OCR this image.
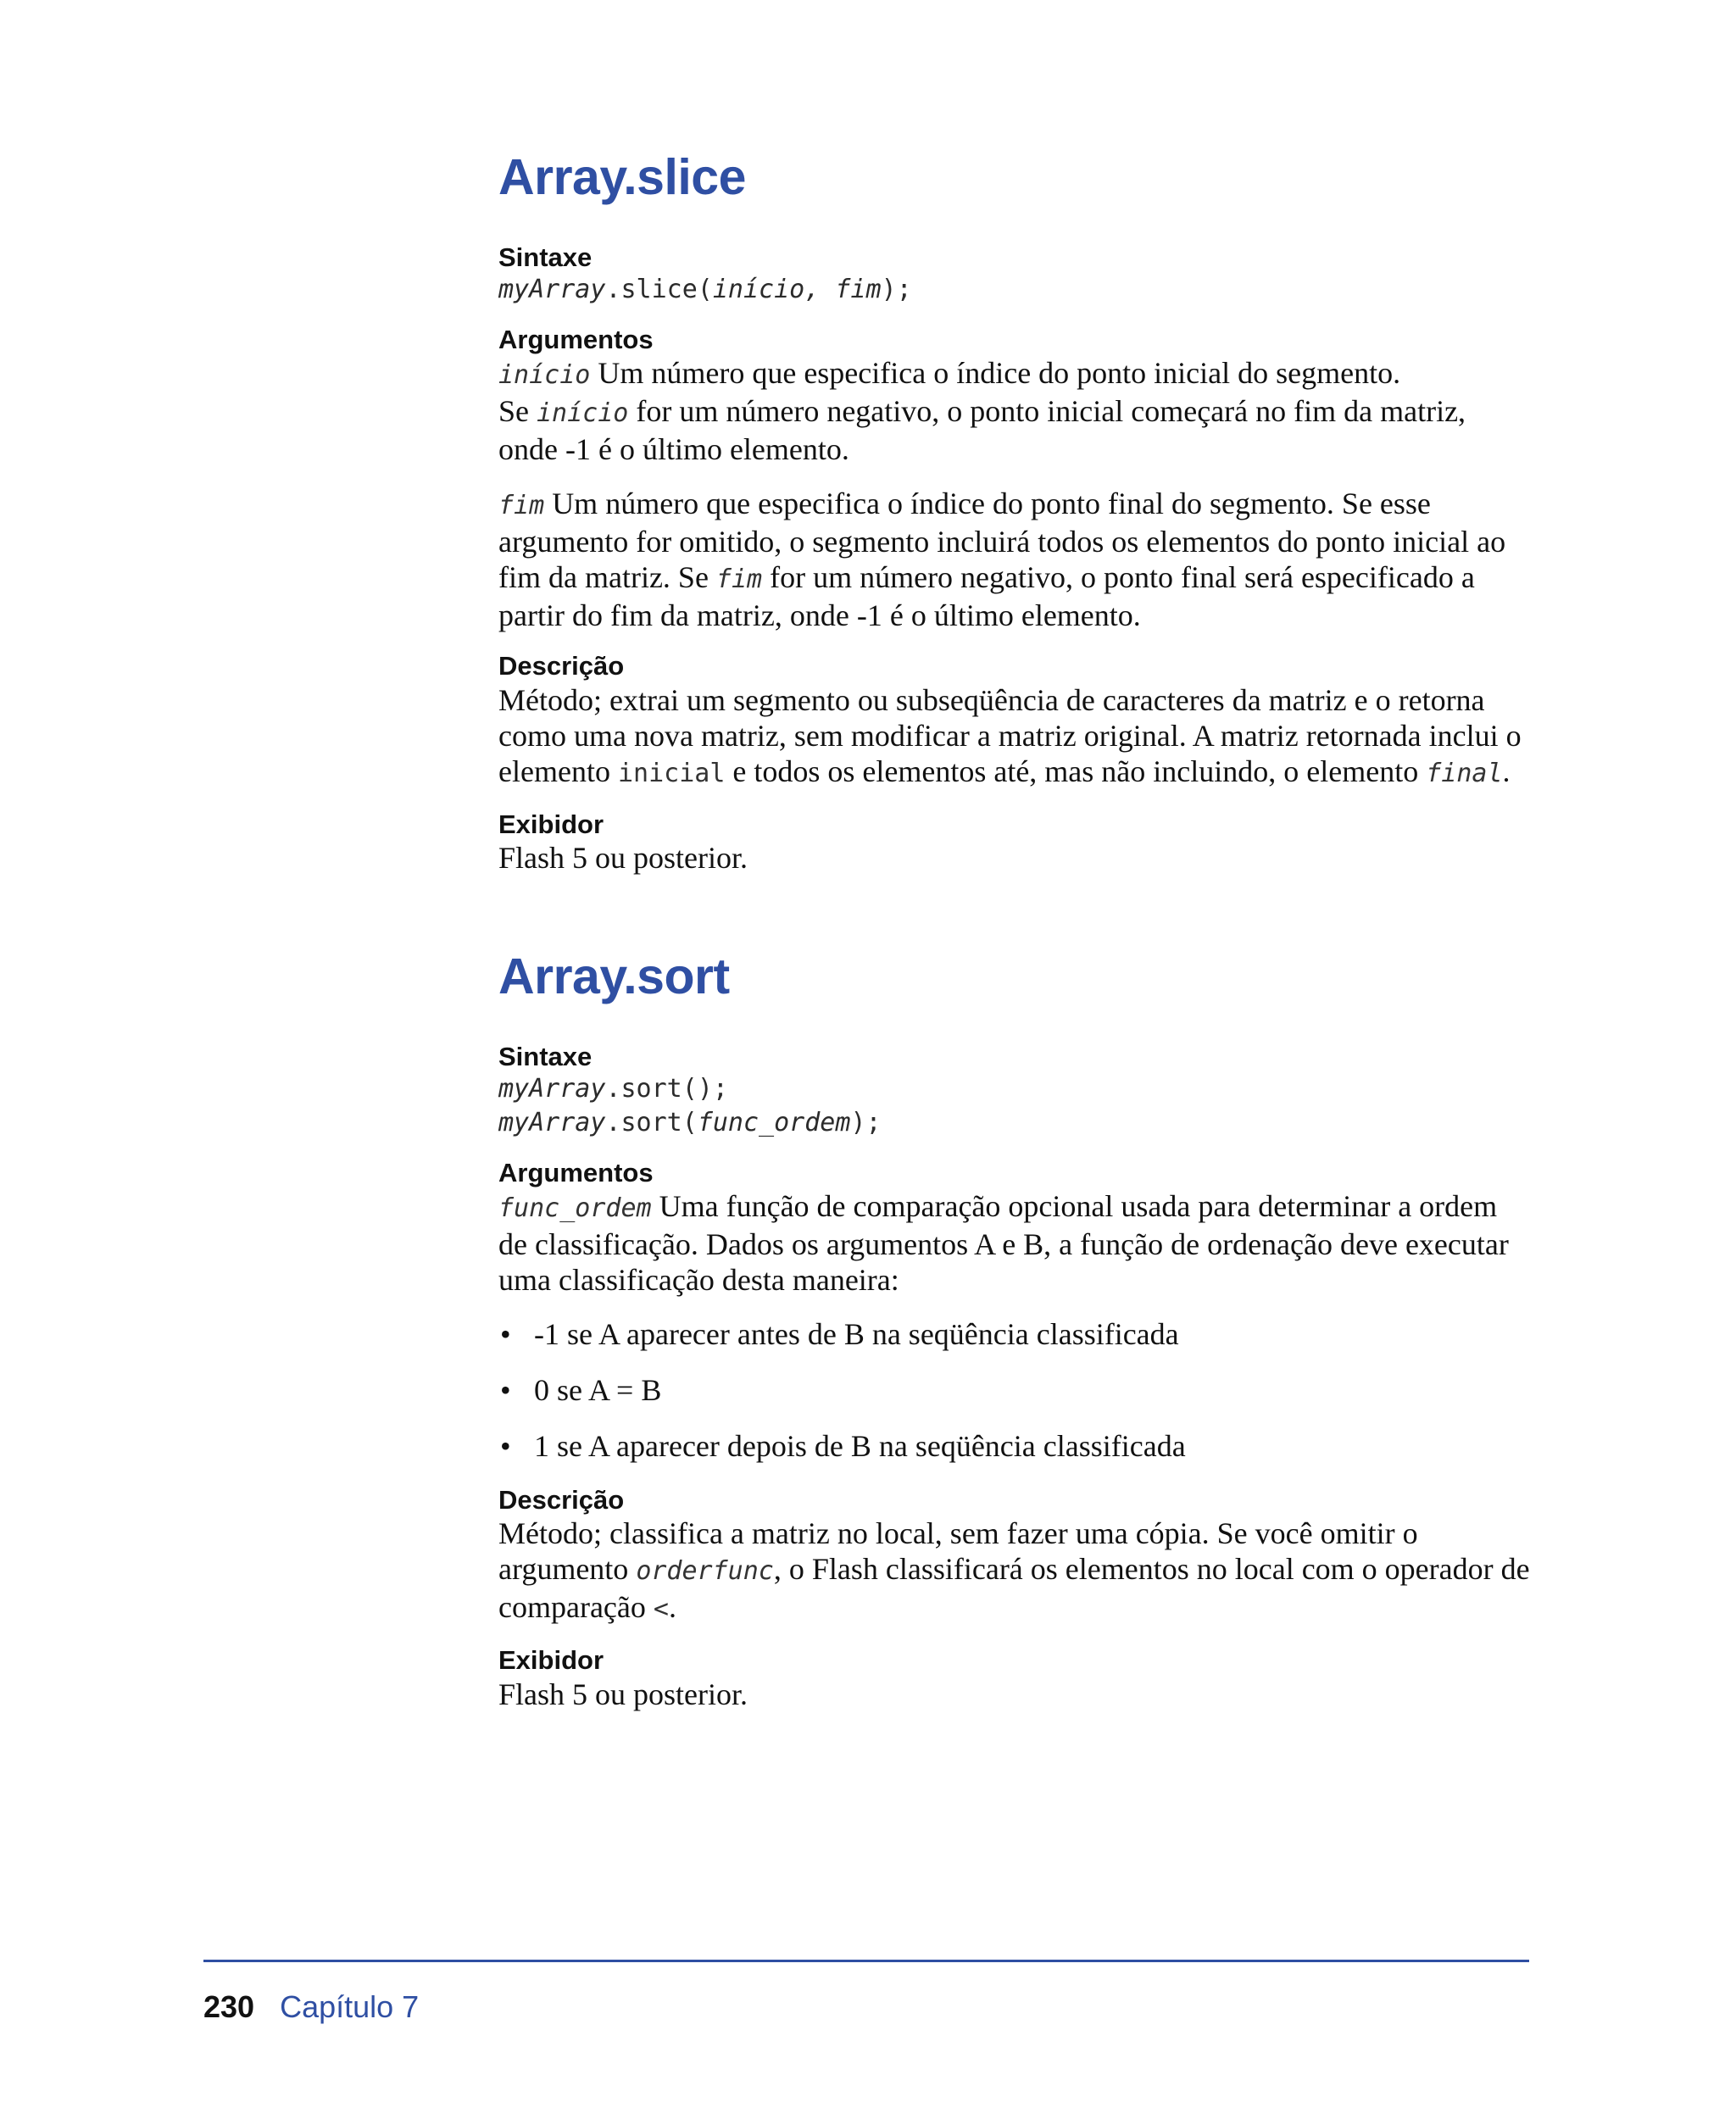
Array.slice

Sintaxe

myArray.slice(início, fim);

Argumentos

início Um número que especifica o índice do ponto inicial do segmento.
Se início for um número negativo, o ponto inicial começará no fim da matriz, onde -1 é o último elemento.

fim Um número que especifica o índice do ponto final do segmento. Se esse argumento for omitido, o segmento incluirá todos os elementos do ponto inicial ao fim da matriz. Se fim for um número negativo, o ponto final será especificado a partir do fim da matriz, onde -1 é o último elemento.

Descrição

Método; extrai um segmento ou subseqüência de caracteres da matriz e o retorna como uma nova matriz, sem modificar a matriz original. A matriz retornada inclui o elemento inicial e todos os elementos até, mas não incluindo, o elemento final.

Exibidor

Flash 5 ou posterior.

Array.sort

Sintaxe

myArray.sort();

myArray.sort(func_ordem);

Argumentos

func_ordem Uma função de comparação opcional usada para determinar a ordem de classificação. Dados os argumentos A e B, a função de ordenação deve executar uma classificação desta maneira:

• -1 se A aparecer antes de B na seqüência classificada
• 0 se A = B
• 1 se A aparecer depois de B na seqüência classificada

Descrição

Método; classifica a matriz no local, sem fazer uma cópia. Se você omitir o argumento orderfunc, o Flash classificará os elementos no local com o operador de comparação <.

Exibidor

Flash 5 ou posterior.

230 Capítulo 7
